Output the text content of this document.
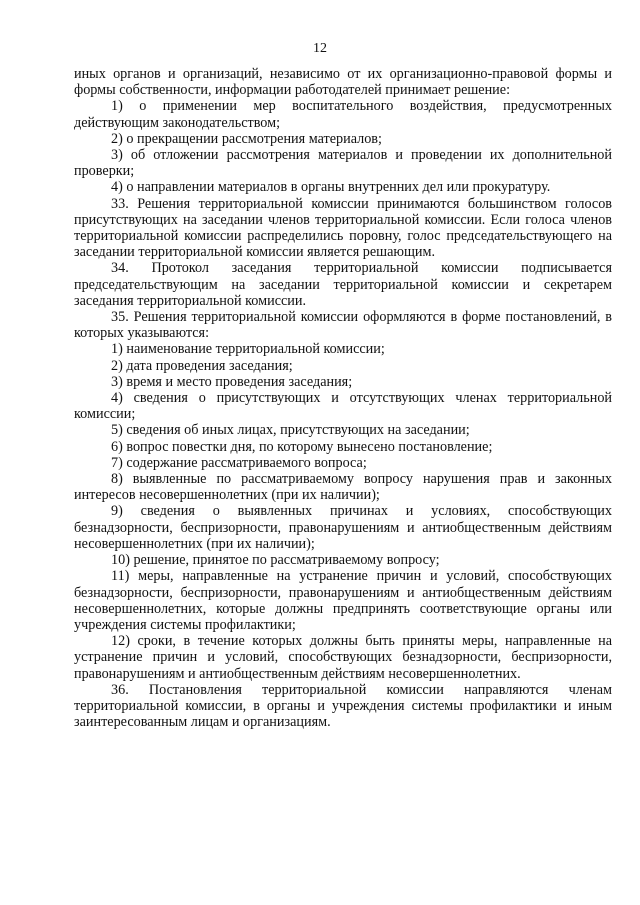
12

иных органов и организаций, независимо от их организационно-правовой формы и формы собственности, информации работодателей принимает решение:

1) о применении мер воспитательного воздействия, предусмотренных действующим законодательством;

2) о прекращении рассмотрения материалов;

3) об отложении рассмотрения материалов и проведении их дополнительной проверки;

4) о направлении материалов в органы внутренних дел или прокуратуру.

33. Решения территориальной комиссии принимаются большинством голосов присутствующих на заседании членов территориальной комиссии. Если голоса членов территориальной комиссии распределились поровну, голос председательствующего на заседании территориальной комиссии является решающим.

34. Протокол заседания территориальной комиссии подписывается председательствующим на заседании территориальной комиссии и секретарем заседания территориальной комиссии.

35. Решения территориальной комиссии оформляются в форме постановлений, в которых указываются:

1) наименование территориальной комиссии;

2) дата проведения заседания;

3) время и место проведения заседания;

4) сведения о присутствующих и отсутствующих членах территориальной комиссии;

5) сведения об иных лицах, присутствующих на заседании;

6) вопрос повестки дня, по которому вынесено постановление;

7) содержание рассматриваемого вопроса;

8) выявленные по рассматриваемому вопросу нарушения прав и законных интересов несовершеннолетних (при их наличии);

9) сведения о выявленных причинах и условиях, способствующих безнадзорности, беспризорности, правонарушениям и антиобщественным действиям несовершеннолетних (при их наличии);

10) решение, принятое по рассматриваемому вопросу;

11) меры, направленные на устранение причин и условий, способствующих безнадзорности, беспризорности, правонарушениям и антиобщественным действиям несовершеннолетних, которые должны предпринять соответствующие органы или учреждения системы профилактики;

12) сроки, в течение которых должны быть приняты меры, направленные на устранение причин и условий, способствующих безнадзорности, беспризорности, правонарушениям и антиобщественным действиям несовершеннолетних.

36. Постановления территориальной комиссии направляются членам территориальной комиссии, в органы и учреждения системы профилактики и иным заинтересованным лицам и организациям.
